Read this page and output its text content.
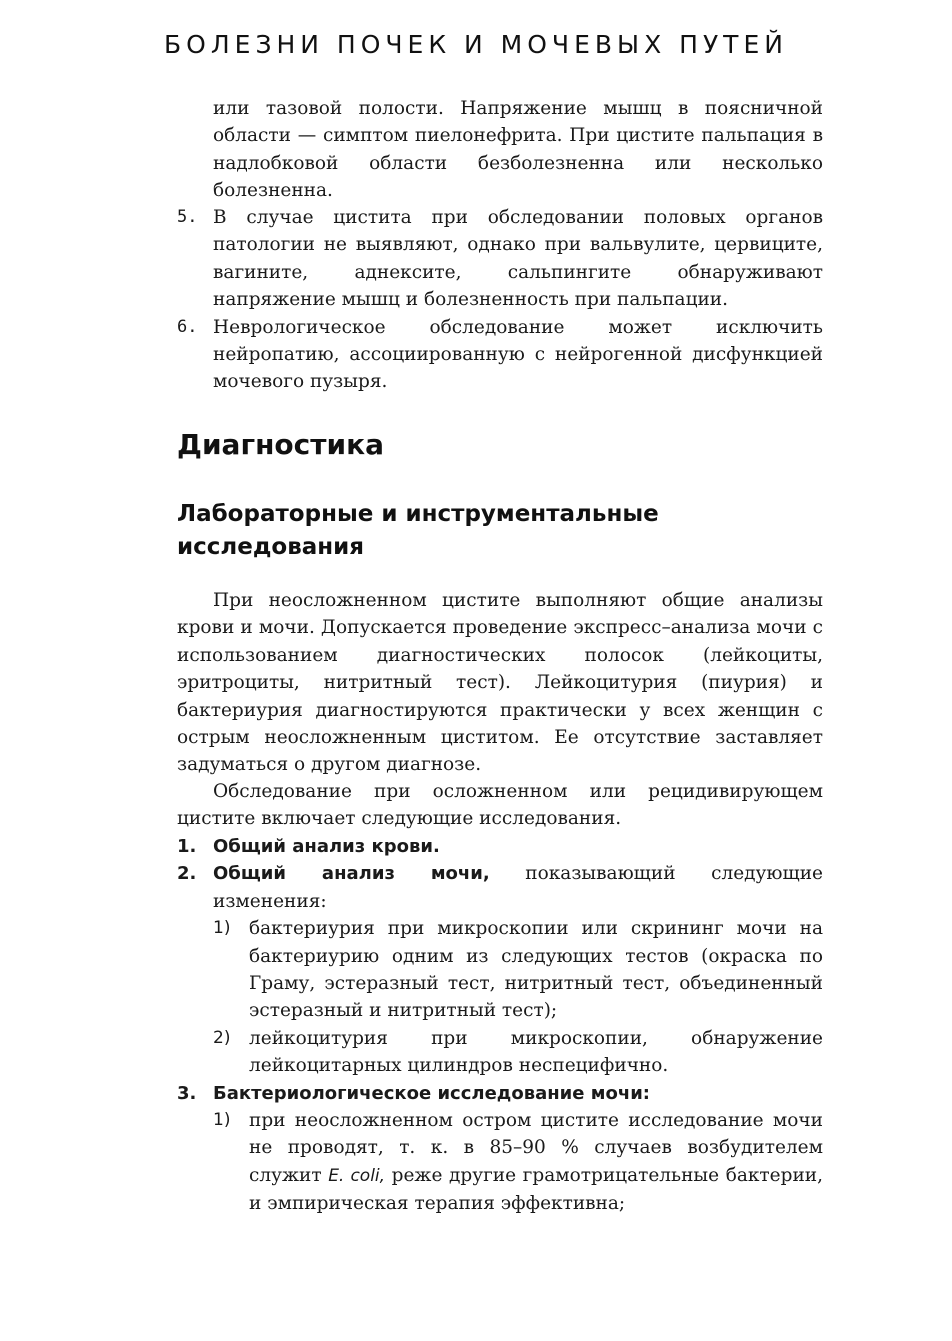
БОЛЕЗНИ ПОЧЕК И МОЧЕВЫХ ПУТЕЙ
или тазовой полости. Напряжение мышц в поясничной области — симптом пиелонефрита. При цистите пальпация в надлобковой области безболезненна или несколько болезненна.
5. В случае цистита при обследовании половых органов патологии не выявляют, однако при вальвулите, цервиците, вагините, аднексите, сальпингите обнаруживают напряжение мышц и болезненность при пальпации.
6. Неврологическое обследование может исключить нейропатию, ассоциированную с нейрогенной дисфункцией мочевого пузыря.
Диагностика
Лабораторные и инструментальные исследования
При неосложненном цистите выполняют общие анализы крови и мочи. Допускается проведение экспресс–анализа мочи с использованием диагностических полосок (лейкоциты, эритроциты, нитритный тест). Лейкоцитурия (пиурия) и бактериурия диагностируются практически у всех женщин с острым неосложненным циститом. Ее отсутствие заставляет задуматься о другом диагнозе.
Обследование при осложненном или рецидивирующем цистите включает следующие исследования.
1. Общий анализ крови.
2. Общий анализ мочи, показывающий следующие изменения:
1)	бактериурия при микроскопии или скрининг мочи на бактериурию одним из следующих тестов (окраска по Граму, эстеразный тест, нитритный тест, объединенный эстеразный и нитритный тест);
2)	лейкоцитурия при микроскопии, обнаружение лейкоцитарных цилиндров неспецифично.
3. Бактериологическое исследование мочи:
1)	при неосложненном остром цистите исследование мочи не проводят, т. к. в 85–90 % случаев возбудителем служит E. coli, реже другие грамотрицательные бактерии, и эмпирическая терапия эффективна;
